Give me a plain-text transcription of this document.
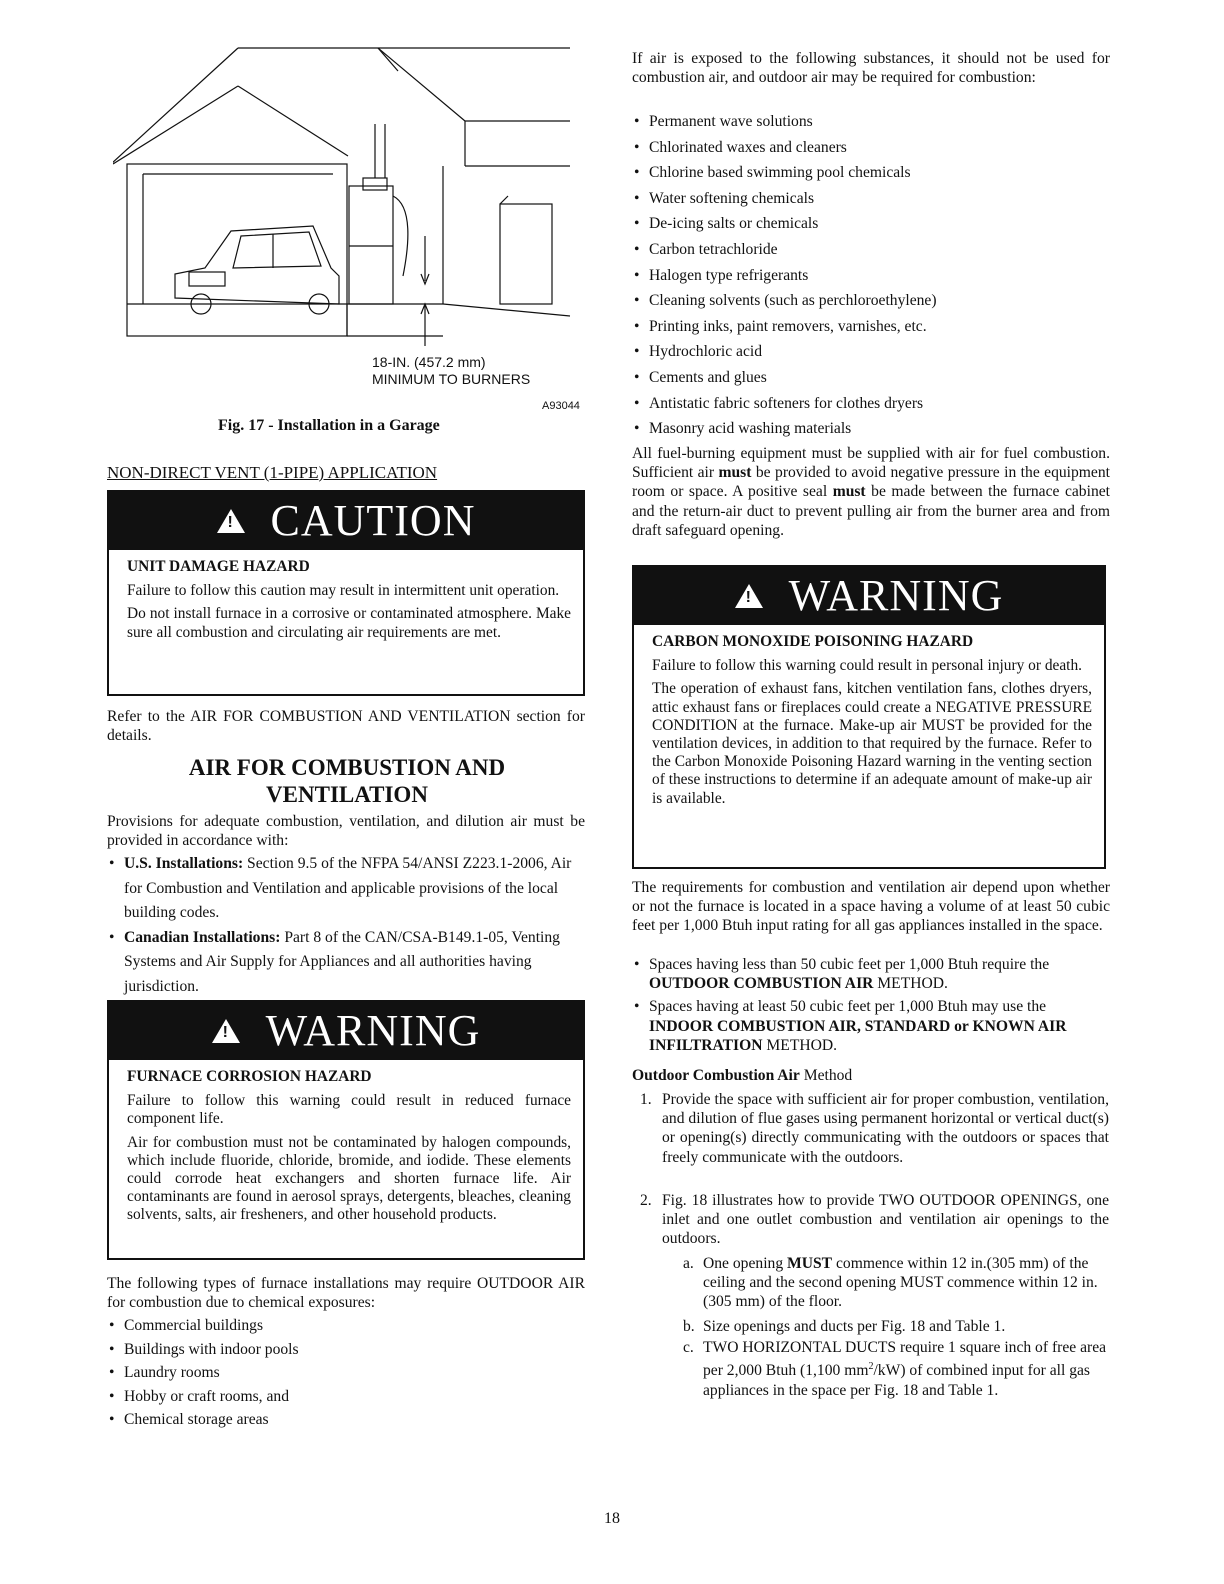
18-IN. (457.2 mm)
MINIMUM TO BURNERS
A93044
Fig. 17 - Installation in a Garage
NON-DIRECT VENT (1-PIPE) APPLICATION
!
CAUTION

UNIT DAMAGE HAZARD

Failure to follow this caution may result in intermittent unit operation.

Do not install furnace in a corrosive or contaminated atmosphere. Make sure all combustion and circulating air requirements are met.

Refer to the AIR FOR COMBUSTION AND VENTILATION section for details.

AIR FOR COMBUSTION AND VENTILATION

Provisions for adequate combustion, ventilation, and dilution air must be provided in accordance with:

• U.S. Installations: Section 9.5 of the NFPA 54/ANSI Z223.1-2006, Air for Combustion and Ventilation and applicable provisions of the local building codes.
• Canadian Installations: Part 8 of the CAN/CSA-B149.1-05, Venting Systems and Air Supply for Appliances and all authorities having jurisdiction.
!
WARNING

FURNACE CORROSION HAZARD

Failure to follow this warning could result in reduced furnace component life.

Air for combustion must not be contaminated by halogen compounds, which include fluoride, chloride, bromide, and iodide. These elements could corrode heat exchangers and shorten furnace life. Air contaminants are found in aerosol sprays, detergents, bleaches, cleaning solvents, salts, air fresheners, and other household products.

The following types of furnace installations may require OUTDOOR AIR for combustion due to chemical exposures:

• Commercial buildings
• Buildings with indoor pools
• Laundry rooms
• Hobby or craft rooms, and
• Chemical storage areas

If air is exposed to the following substances, it should not be used for combustion air, and outdoor air may be required for combustion:

• Permanent wave solutions
• Chlorinated waxes and cleaners
• Chlorine based swimming pool chemicals
• Water softening chemicals
• De-icing salts or chemicals
• Carbon tetrachloride
• Halogen type refrigerants
• Cleaning solvents (such as perchloroethylene)
• Printing inks, paint removers, varnishes, etc.
• Hydrochloric acid
• Cements and glues
• Antistatic fabric softeners for clothes dryers
• Masonry acid washing materials

All fuel-burning equipment must be supplied with air for fuel combustion. Sufficient air must be provided to avoid negative pressure in the equipment room or space. A positive seal must be made between the furnace cabinet and the return-air duct to prevent pulling air from the burner area and from draft safeguard opening.

!
WARNING

CARBON MONOXIDE POISONING HAZARD

Failure to follow this warning could result in personal injury or death.

The operation of exhaust fans, kitchen ventilation fans, clothes dryers, attic exhaust fans or fireplaces could create a NEGATIVE PRESSURE CONDITION at the furnace. Make-up air MUST be provided for the ventilation devices, in addition to that required by the furnace. Refer to the Carbon Monoxide Poisoning Hazard warning in the venting section of these instructions to determine if an adequate amount of make-up air is available.

The requirements for combustion and ventilation air depend upon whether or not the furnace is located in a space having a volume of at least 50 cubic feet per 1,000 Btuh input rating for all gas appliances installed in the space.

• Spaces having less than 50 cubic feet per 1,000 Btuh require the OUTDOOR COMBUSTION AIR METHOD.
• Spaces having at least 50 cubic feet per 1,000 Btuh may use the INDOOR COMBUSTION AIR, STANDARD or KNOWN AIR INFILTRATION METHOD.

Outdoor Combustion Air Method

1. Provide the space with sufficient air for proper combustion, ventilation, and dilution of flue gases using permanent horizontal or vertical duct(s) or opening(s) directly communicating with the outdoors or spaces that freely communicate with the outdoors.
2. Fig. 18 illustrates how to provide TWO OUTDOOR OPENINGS, one inlet and one outlet combustion and ventilation air openings to the outdoors.
a. One opening MUST commence within 12 in.(305 mm) of the ceiling and the second opening MUST commence within 12 in. (305 mm) of the floor.
b. Size openings and ducts per Fig. 18 and Table 1.
c. TWO HORIZONTAL DUCTS require 1 square inch of free area per 2,000 Btuh (1,100 $mm^2/kW$) of combined input for all gas appliances in the space per Fig. 18 and Table 1.
18
